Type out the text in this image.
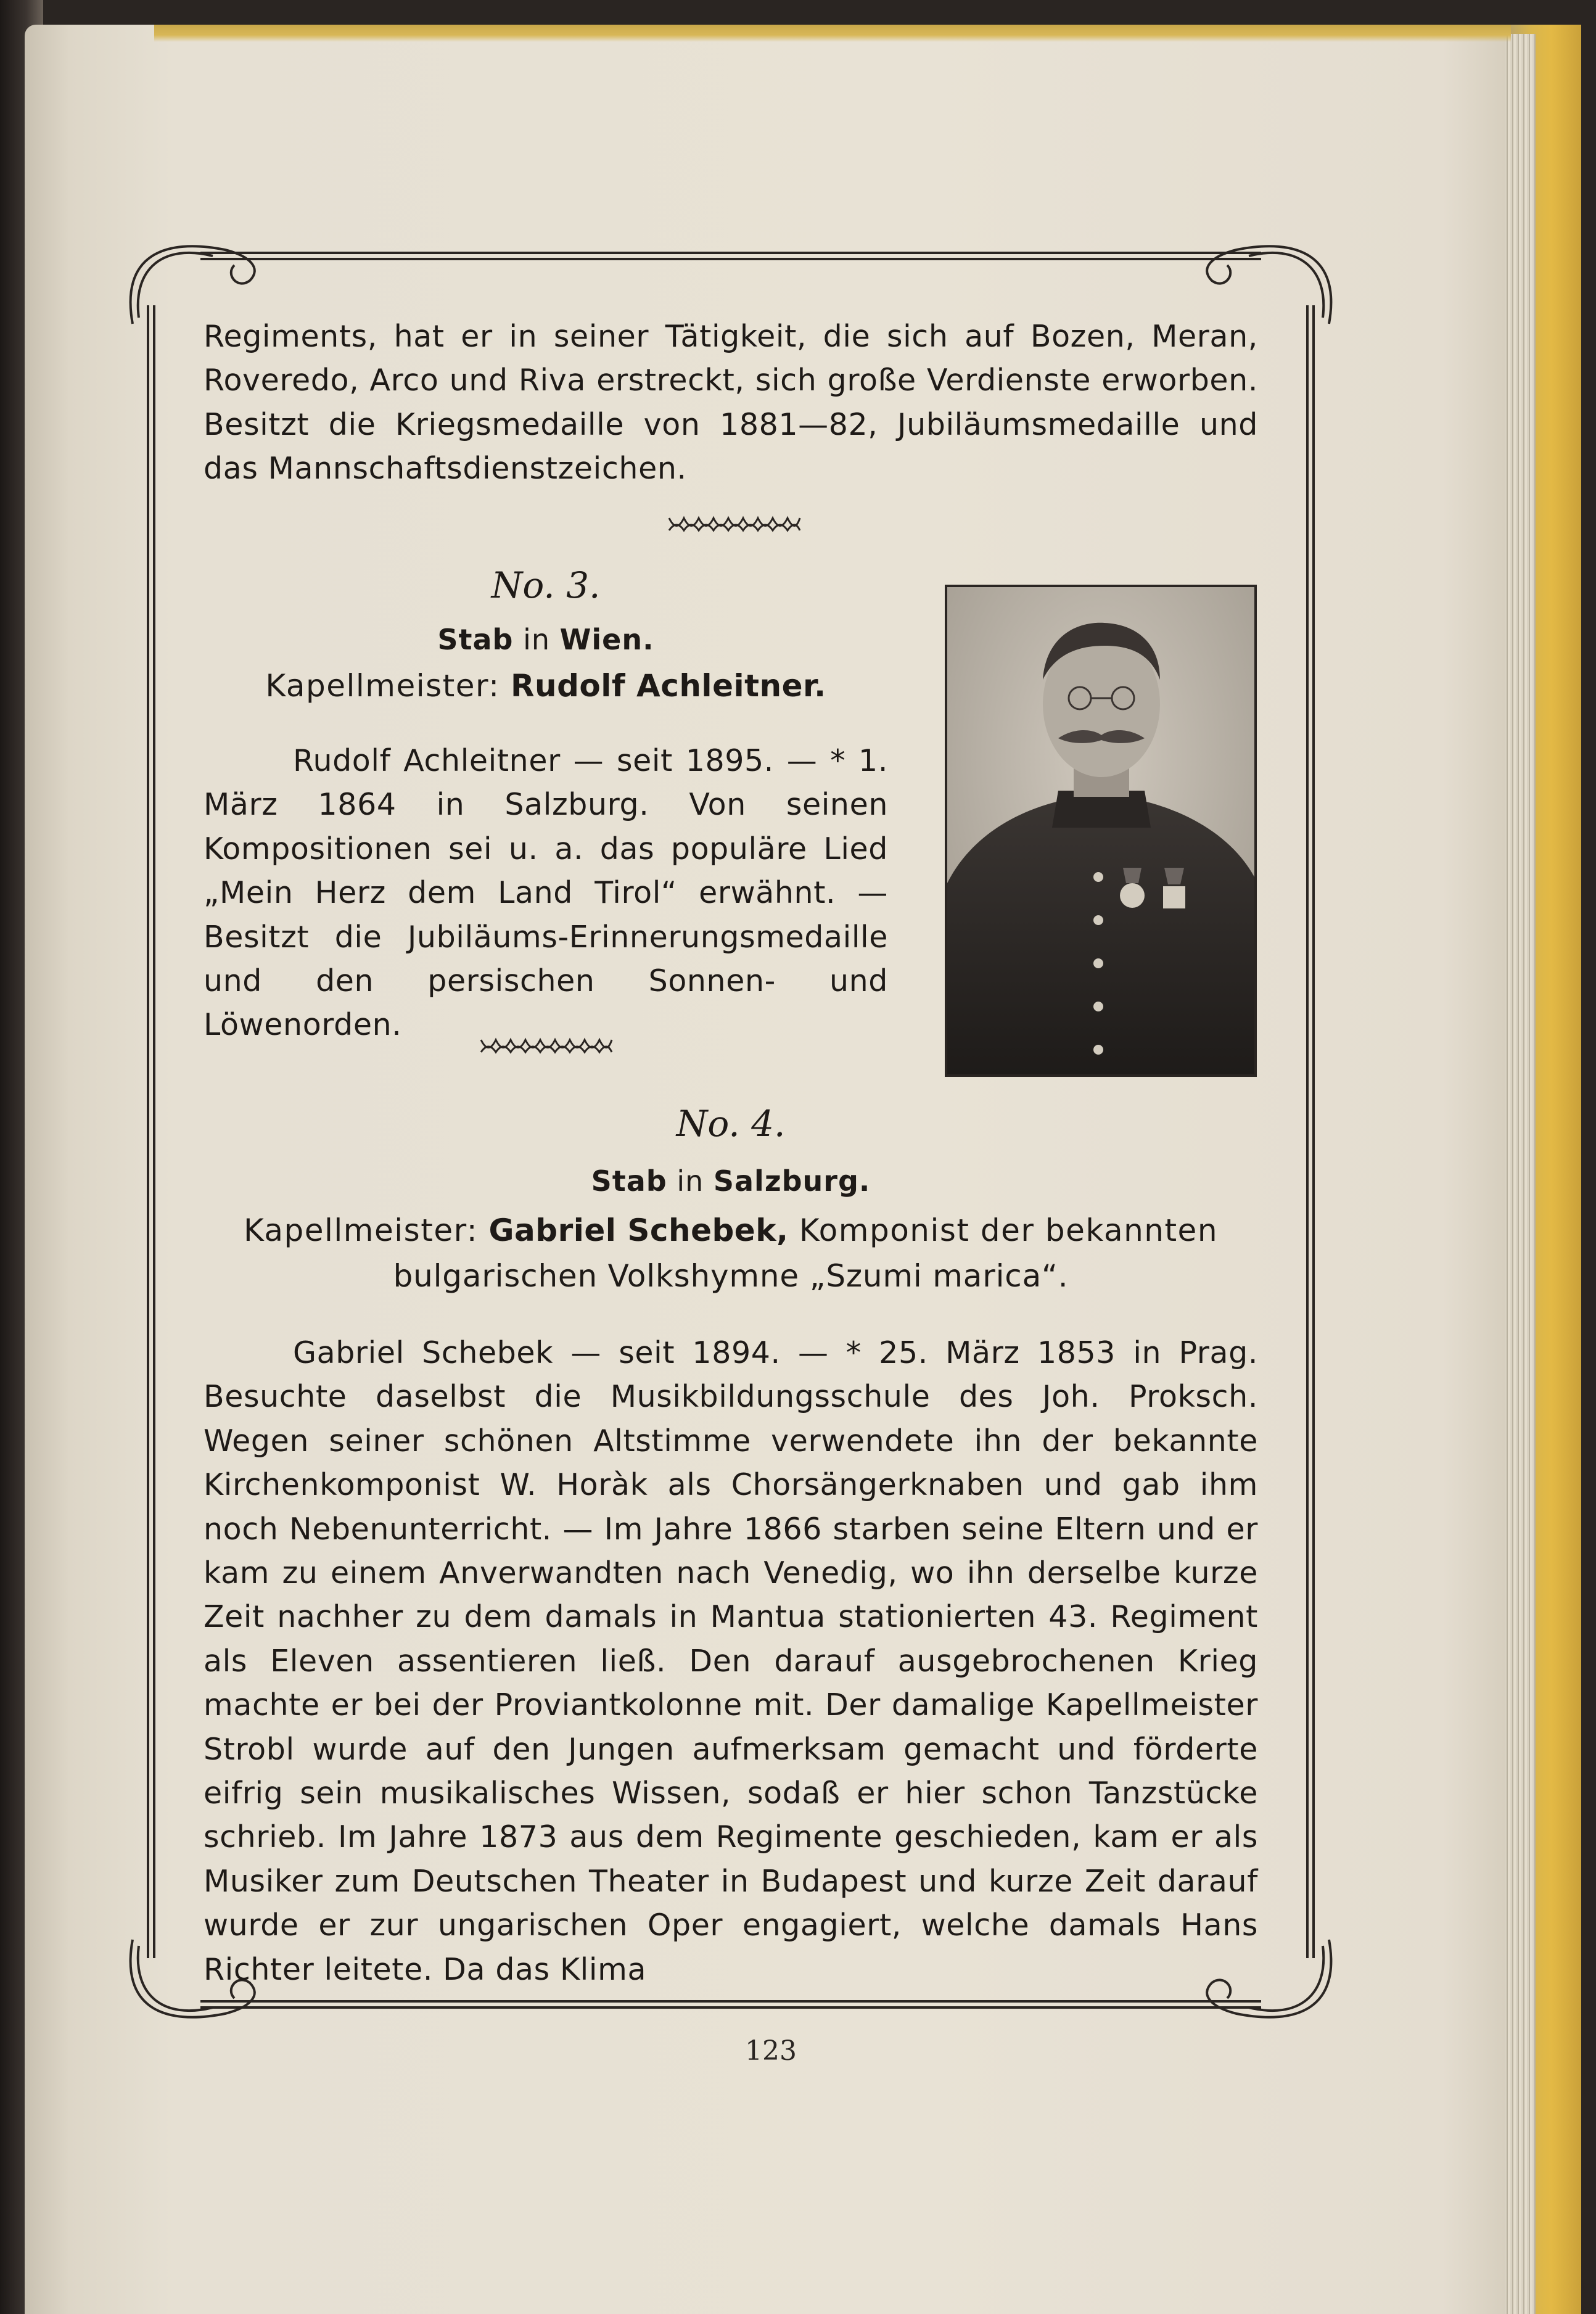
Regiments, hat er in seiner Tätigkeit, die sich auf Bozen, Meran, Roveredo, Arco und Riva erstreckt, sich große Verdienste erworben. Besitzt die Kriegsmedaille von 1881—82, Jubiläumsmedaille und das Mannschaftsdienstzeichen.
No. 3.
Stab in Wien.
Kapellmeister: Rudolf Achleitner.
Rudolf Achleitner — seit 1895. — * 1. März 1864 in Salzburg. Von seinen Kompositionen sei u. a. das populäre Lied „Mein Herz dem Land Tirol“ erwähnt. — Besitzt die Jubiläums-Erinnerungsmedaille und den persischen Sonnen- und Löwenorden.
No. 4.
Stab in Salzburg.
Kapellmeister: Gabriel Schebek, Komponist der bekannten
bulgarischen Volkshymne „Szumi marica“.
Gabriel Schebek — seit 1894. — * 25. März 1853 in Prag. Besuchte daselbst die Musikbildungsschule des Joh. Proksch. Wegen seiner schönen Altstimme verwendete ihn der bekannte Kirchenkomponist W. Horàk als Chorsängerknaben und gab ihm noch Nebenunterricht. — Im Jahre 1866 starben seine Eltern und er kam zu einem Anverwandten nach Venedig, wo ihn derselbe kurze Zeit nachher zu dem damals in Mantua stationierten 43. Regiment als Eleven assentieren ließ. Den darauf ausgebrochenen Krieg machte er bei der Proviantkolonne mit. Der damalige Kapellmeister Strobl wurde auf den Jungen aufmerksam gemacht und förderte eifrig sein musikalisches Wissen, sodaß er hier schon Tanzstücke schrieb. Im Jahre 1873 aus dem Regimente geschieden, kam er als Musiker zum Deutschen Theater in Budapest und kurze Zeit darauf wurde er zur ungarischen Oper engagiert, welche damals Hans Richter leitete. Da das Klima
123
